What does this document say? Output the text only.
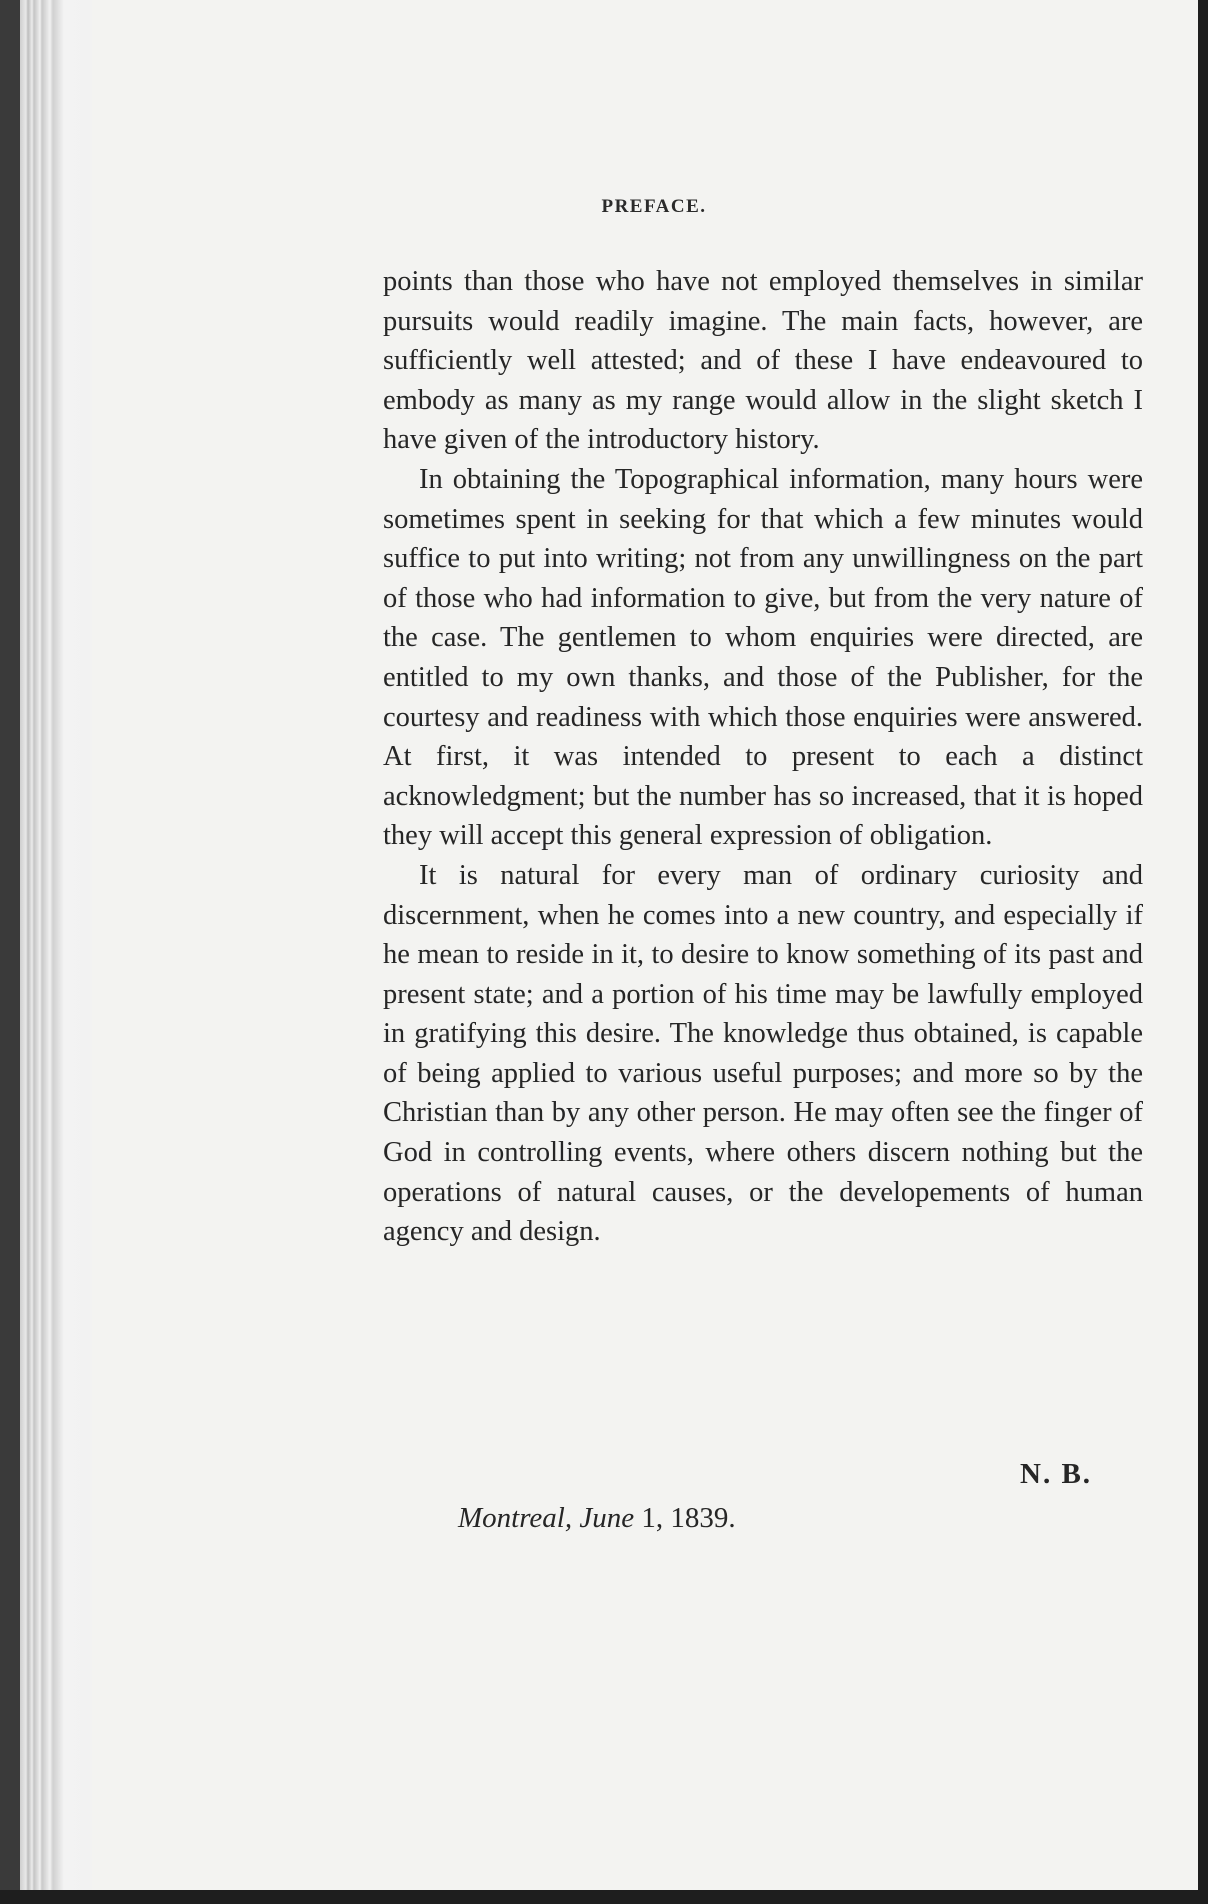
PREFACE.

points than those who have not employed themselves in similar pursuits would readily imagine. The main facts, however, are sufficiently well attested; and of these I have endeavoured to embody as many as my range would allow in the slight sketch I have given of the introductory history.

In obtaining the Topographical information, many hours were sometimes spent in seeking for that which a few minutes would suffice to put into writing; not from any unwillingness on the part of those who had information to give, but from the very nature of the case. The gentlemen to whom enquiries were directed, are entitled to my own thanks, and those of the Publisher, for the courtesy and readiness with which those enquiries were answered. At first, it was intended to present to each a distinct acknowledgment; but the number has so increased, that it is hoped they will accept this general expression of obligation.

It is natural for every man of ordinary curiosity and discernment, when he comes into a new country, and especially if he mean to reside in it, to desire to know something of its past and present state; and a portion of his time may be lawfully employed in gratifying this desire. The knowledge thus obtained, is capable of being applied to various useful purposes; and more so by the Christian than by any other person. He may often see the finger of God in controlling events, where others discern nothing but the operations of natural causes, or the developements of human agency and design.

N. B.
Montreal, June 1, 1839.
